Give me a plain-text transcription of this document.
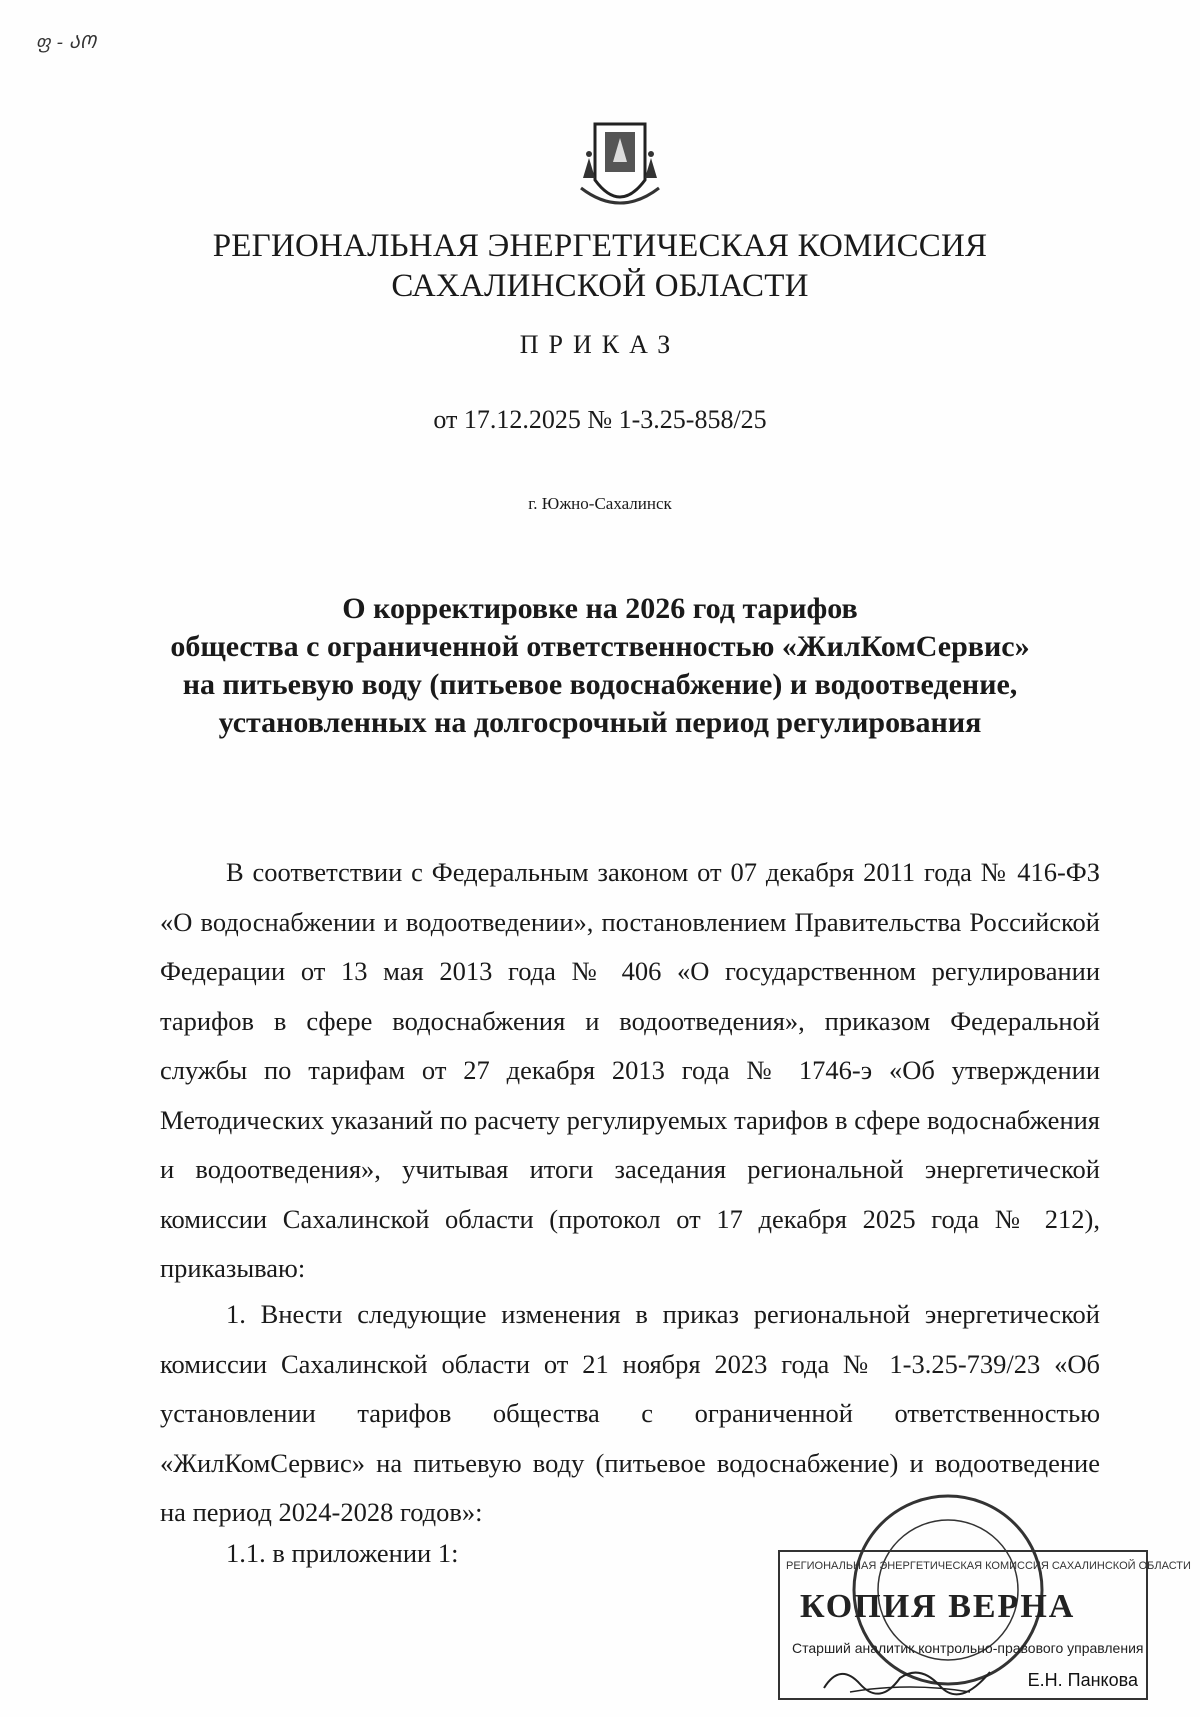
ფ - ᲐᲝ
РЕГИОНАЛЬНАЯ ЭНЕРГЕТИЧЕСКАЯ КОМИССИЯ
САХАЛИНСКОЙ ОБЛАСТИ
ПРИКАЗ
от 17.12.2025 № 1-3.25-858/25
г. Южно-Сахалинск
О корректировке на 2026 год тарифов
общества с ограниченной ответственностью «ЖилКомСервис»
на питьевую воду (питьевое водоснабжение) и водоотведение,
установленных на долгосрочный период регулирования
В соответствии с Федеральным законом от 07 декабря 2011 года № 416-ФЗ «О водоснабжении и водоотведении», постановлением Правительства Российской Федерации от 13 мая 2013 года № 406 «О государственном регулировании тарифов в сфере водоснабжения и водоотведения», приказом Федеральной службы по тарифам от 27 декабря 2013 года № 1746-э «Об утверждении Методических указаний по расчету регулируемых тарифов в сфере водоснабжения и водоотведения», учитывая итоги заседания региональной энергетической комиссии Сахалинской области (протокол от 17 декабря 2025 года № 212), приказываю:
1. Внести следующие изменения в приказ региональной энергетической комиссии Сахалинской области от 21 ноября 2023 года № 1-3.25-739/23 «Об установлении тарифов общества с ограниченной ответственностью «ЖилКомСервис» на питьевую воду (питьевое водоснабжение) и водоотведение на период 2024-2028 годов»:
1.1. в приложении 1:	РЕГИОНАЛЬНАЯ ЭНЕРГЕТИЧЕСКАЯ КОМИССИЯ САХАЛИНСКОЙ ОБЛАСТИ
КОПИЯ ВЕРНА
Старший аналитик контрольно-правового управления
Е.Н. Панкова
